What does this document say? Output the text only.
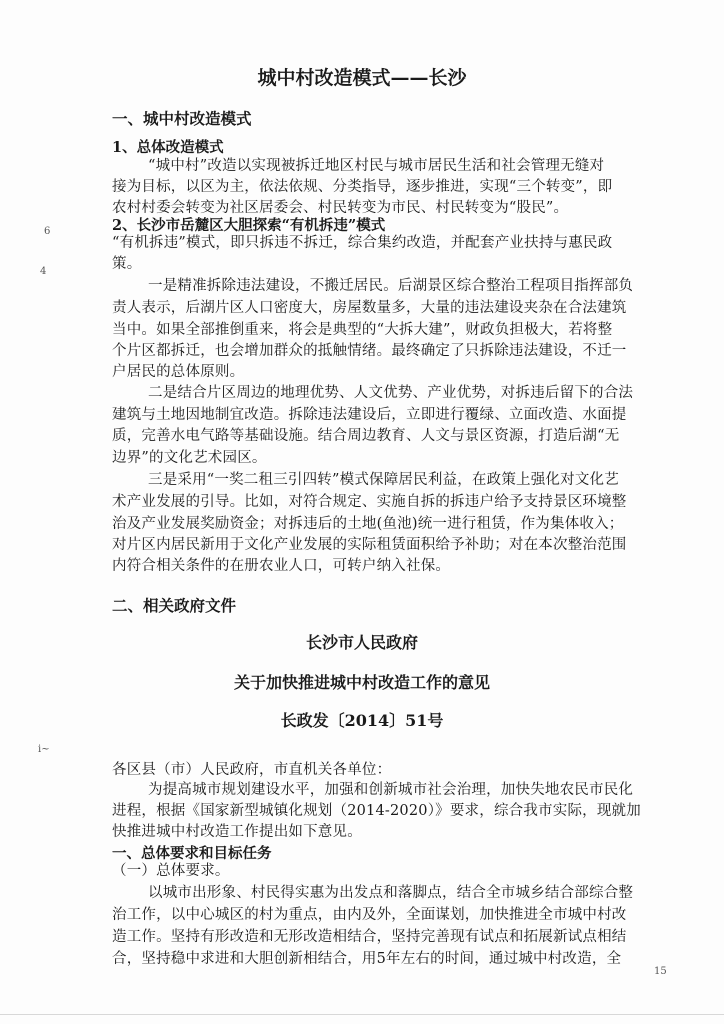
城中村改造模式——长沙
一、城中村改造模式
1、总体改造模式
“城中村”改造以实现被拆迁地区村民与城市居民生活和社会管理无缝对
接为目标，以区为主，依法依规、分类指导，逐步推进，实现“三个转变”，即
农村村委会转变为社区居委会、村民转变为市民、村民转变为“股民”。
2、长沙市岳麓区大胆探索“有机拆违”模式
“有机拆违”模式，即只拆违不拆迁，综合集约改造，并配套产业扶持与惠民政
策。
一是精准拆除违法建设，不搬迁居民。后湖景区综合整治工程项目指挥部负
责人表示，后湖片区人口密度大，房屋数量多，大量的违法建设夹杂在合法建筑
当中。如果全部推倒重来，将会是典型的“大拆大建”，财政负担极大，若将整
个片区都拆迁，也会增加群众的抵触情绪。最终确定了只拆除违法建设，不迁一
户居民的总体原则。
二是结合片区周边的地理优势、人文优势、产业优势，对拆违后留下的合法
建筑与土地因地制宜改造。拆除违法建设后，立即进行覆绿、立面改造、水面提
质，完善水电气路等基础设施。结合周边教育、人文与景区资源，打造后湖“无
边界”的文化艺术园区。
三是采用“一奖二租三引四转”模式保障居民利益，在政策上强化对文化艺
术产业发展的引导。比如，对符合规定、实施自拆的拆违户给予支持景区环境整
治及产业发展奖励资金；对拆违后的土地(鱼池)统一进行租赁，作为集体收入；
对片区内居民新用于文化产业发展的实际租赁面积给予补助；对在本次整治范围
内符合相关条件的在册农业人口，可转户纳入社保。
二、相关政府文件
长沙市人民政府
关于加快推进城中村改造工作的意见
长政发〔2014〕51号
各区县（市）人民政府，市直机关各单位：
为提高城市规划建设水平，加强和创新城市社会治理，加快失地农民市民化
进程，根据《国家新型城镇化规划（2014-2020）》要求，综合我市实际，现就加
快推进城中村改造工作提出如下意见。
一、总体要求和目标任务
（一）总体要求。
以城市出形象、村民得实惠为出发点和落脚点，结合全市城乡结合部综合整
治工作，以中心城区的村为重点，由内及外，全面谋划，加快推进全市城中村改
造工作。坚持有形改造和无形改造相结合，坚持完善现有试点和拓展新试点相结
合，坚持稳中求进和大胆创新相结合，用5年左右的时间，通过城中村改造，全
6
4
i~
15
